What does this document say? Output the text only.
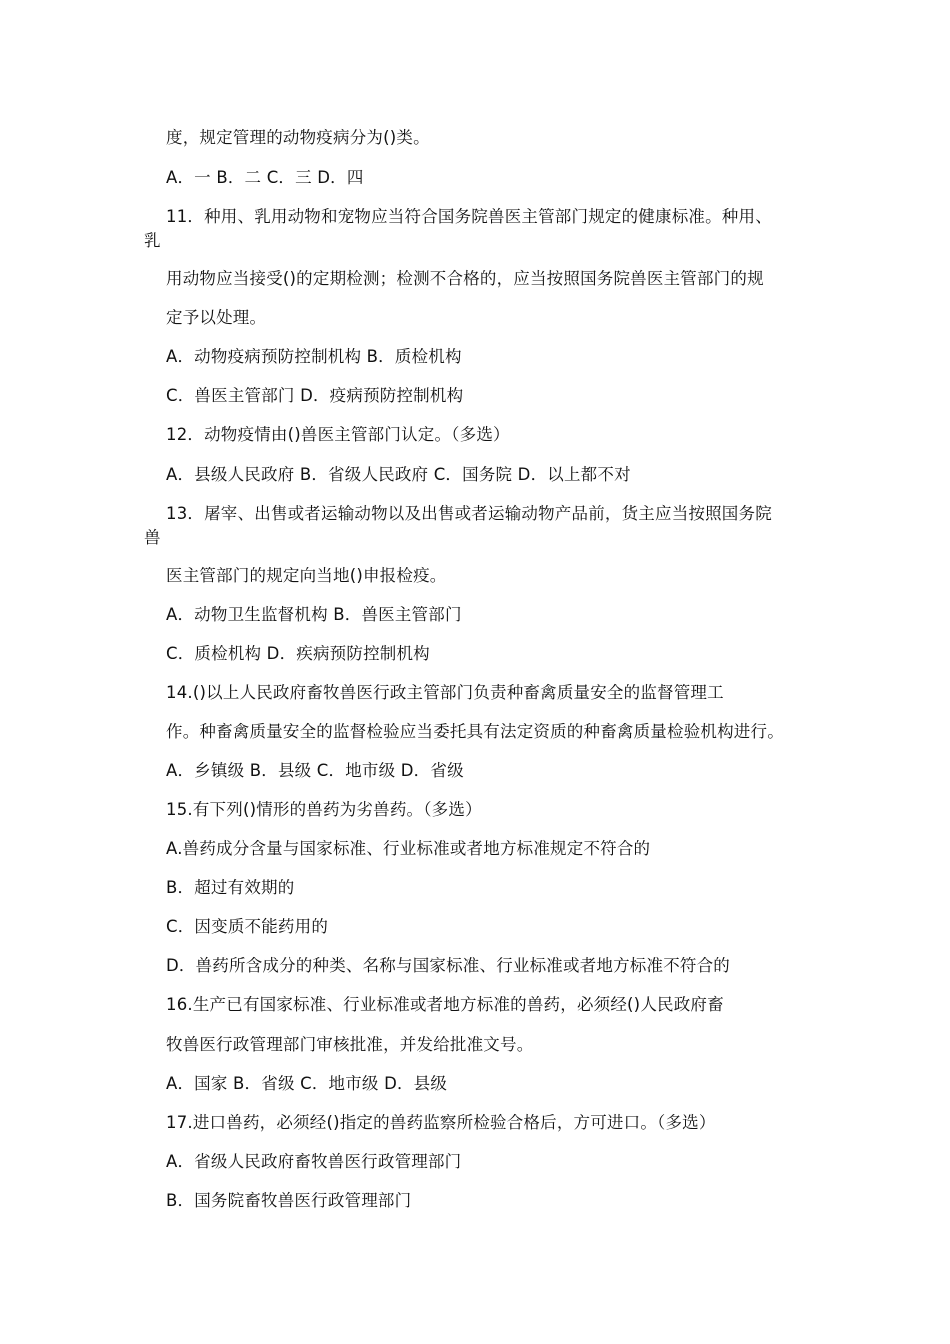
度，规定管理的动物疫病分为()类。
A．一 B．二 C．三 D．四
11．种用、乳用动物和宠物应当符合国务院兽医主管部门规定的健康标准。种用、
乳
用动物应当接受()的定期检测；检测不合格的，应当按照国务院兽医主管部门的规
定予以处理。
A．动物疫病预防控制机构 B．质检机构
C．兽医主管部门 D．疫病预防控制机构
12．动物疫情由()兽医主管部门认定。（多选）
A．县级人民政府 B．省级人民政府 C．国务院 D．以上都不对
13．屠宰、出售或者运输动物以及出售或者运输动物产品前，货主应当按照国务院
兽
医主管部门的规定向当地()申报检疫。
A．动物卫生监督机构 B．兽医主管部门
C．质检机构 D．疾病预防控制机构
14.()以上人民政府畜牧兽医行政主管部门负责种畜禽质量安全的监督管理工
作。种畜禽质量安全的监督检验应当委托具有法定资质的种畜禽质量检验机构进行。
A．乡镇级 B．县级 C．地市级 D．省级
15.有下列()情形的兽药为劣兽药。（多选）
A.兽药成分含量与国家标准、行业标准或者地方标准规定不符合的
B．超过有效期的
C．因变质不能药用的
D．兽药所含成分的种类、名称与国家标准、行业标准或者地方标准不符合的
16.生产已有国家标准、行业标准或者地方标准的兽药，必须经()人民政府畜
牧兽医行政管理部门审核批准，并发给批准文号。
A．国家 B．省级 C．地市级 D．县级
17.进口兽药，必须经()指定的兽药监察所检验合格后，方可进口。（多选）
A．省级人民政府畜牧兽医行政管理部门
B．国务院畜牧兽医行政管理部门
